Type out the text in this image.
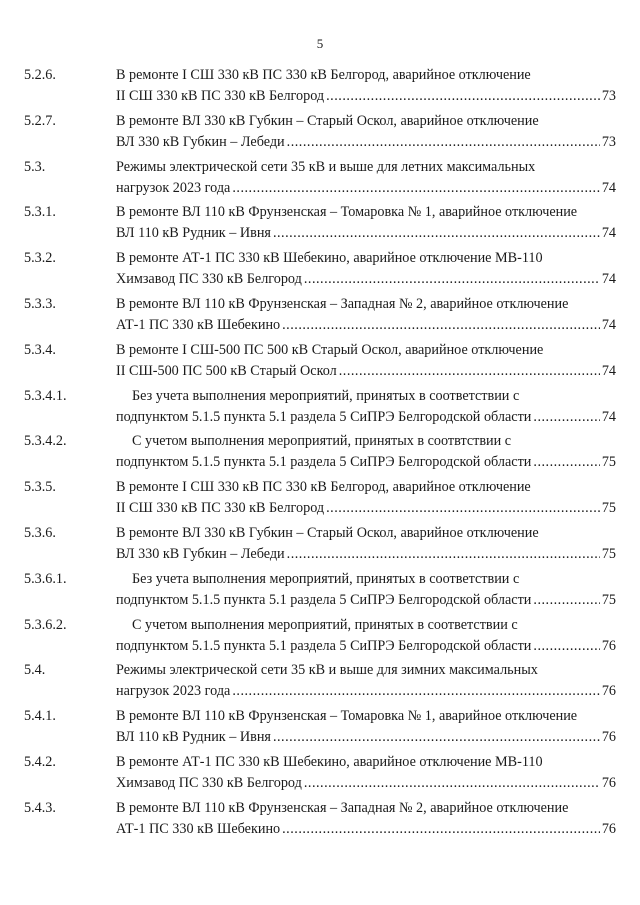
5
5.2.6.	В ремонте I СШ 330 кВ ПС 330 кВ Белгород, аварийное отключение
II СШ 330 кВ ПС 330 кВ Белгород .....	73
5.2.7.	В ремонте ВЛ 330 кВ Губкин – Старый Оскол, аварийное отключение
ВЛ 330 кВ Губкин – Лебеди .....	73
5.3.	Режимы электрической сети 35 кВ и выше для летних максимальных
нагрузок 2023 года .....	74
5.3.1.	В ремонте ВЛ 110 кВ Фрунзенская – Томаровка № 1, аварийное отключение
ВЛ 110 кВ Рудник – Ивня .....	74
5.3.2.	В ремонте АТ-1 ПС 330 кВ Шебекино, аварийное отключение МВ-110
Химзавод ПС 330 кВ Белгород .....	74
5.3.3.	В ремонте ВЛ 110 кВ Фрунзенская – Западная № 2, аварийное отключение
АТ-1 ПС 330 кВ Шебекино .....	74
5.3.4.	В ремонте I СШ-500 ПС 500 кВ Старый Оскол, аварийное отключение
II СШ-500 ПС 500 кВ Старый Оскол .....	74
5.3.4.1.	Без учета выполнения мероприятий, принятых в соответствии с
подпунктом 5.1.5 пункта 5.1 раздела 5 СиПРЭ Белгородской области .....	74
5.3.4.2.	С учетом выполнения мероприятий, принятых в соотвтствии с
подпунктом 5.1.5 пункта 5.1 раздела 5 СиПРЭ Белгородской области .....	75
5.3.5.	В ремонте I СШ 330 кВ ПС 330 кВ Белгород, аварийное отключение
II СШ 330 кВ ПС 330 кВ Белгород .....	75
5.3.6.	В ремонте ВЛ 330 кВ Губкин – Старый Оскол, аварийное отключение
ВЛ 330 кВ Губкин – Лебеди .....	75
5.3.6.1.	Без учета выполнения мероприятий, принятых в соответствии с
подпунктом 5.1.5 пункта 5.1 раздела 5 СиПРЭ Белгородской области .....	75
5.3.6.2.	С учетом выполнения мероприятий, принятых в соответствии с
подпунктом 5.1.5 пункта 5.1 раздела 5 СиПРЭ Белгородской области .....	76
5.4.	Режимы электрической сети 35 кВ и выше для зимних максимальных
нагрузок 2023 года .....	76
5.4.1.	В ремонте ВЛ 110 кВ Фрунзенская – Томаровка № 1, аварийное отключение
ВЛ 110 кВ Рудник – Ивня .....	76
5.4.2.	В ремонте АТ-1 ПС 330 кВ Шебекино, аварийное отключение МВ-110
Химзавод ПС 330 кВ Белгород .....	76
5.4.3.	В ремонте ВЛ 110 кВ Фрунзенская – Западная № 2, аварийное отключение
АТ-1 ПС 330 кВ Шебекино .....	76
